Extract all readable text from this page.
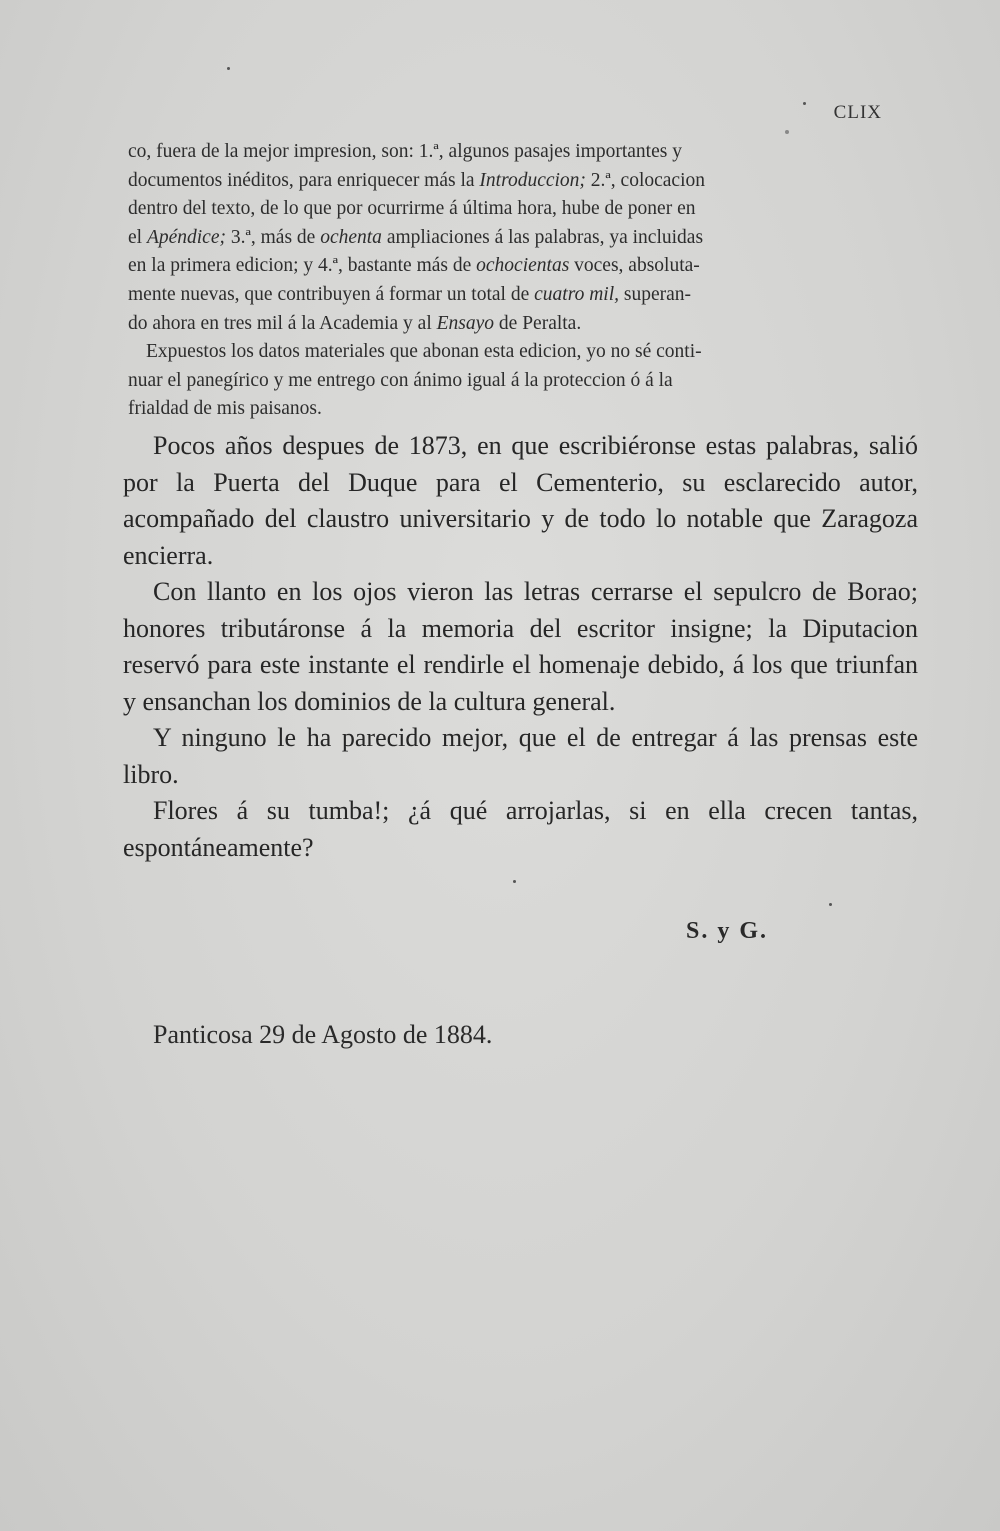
CLIX

co, fuera de la mejor impresion, son: 1.ª, algunos pasajes importantes y
documentos inéditos, para enriquecer más la Introduccion; 2.ª, colocacion
dentro del texto, de lo que por ocurrirme á última hora, hube de poner en
el Apéndice; 3.ª, más de ochenta ampliaciones á las palabras, ya incluidas
en la primera edicion; y 4.ª, bastante más de ochocientas voces, absoluta-
mente nuevas, que contribuyen á formar un total de cuatro mil, superan-
do ahora en tres mil á la Academia y al Ensayo de Peralta.

Expuestos los datos materiales que abonan esta edicion, yo no sé conti-
nuar el panegírico y me entrego con ánimo igual á la proteccion ó á la
frialdad de mis paisanos.

Pocos años despues de 1873, en que escribiéronse estas palabras, salió por la Puerta del Duque para el Cementerio, su esclarecido autor, acompañado del claustro universitario y de todo lo notable que Zaragoza encierra.

Con llanto en los ojos vieron las letras cerrarse el sepulcro de Borao; honores tributáronse á la memoria del escritor insigne; la Diputacion reservó para este instante el rendirle el homenaje debido, á los que triunfan y ensanchan los dominios de la cultura general.

Y ninguno le ha parecido mejor, que el de entregar á las prensas este libro.

Flores á su tumba!; ¿á qué arrojarlas, si en ella crecen tantas, espontáneamente?

S. y G.
Panticosa 29 de Agosto de 1884.
